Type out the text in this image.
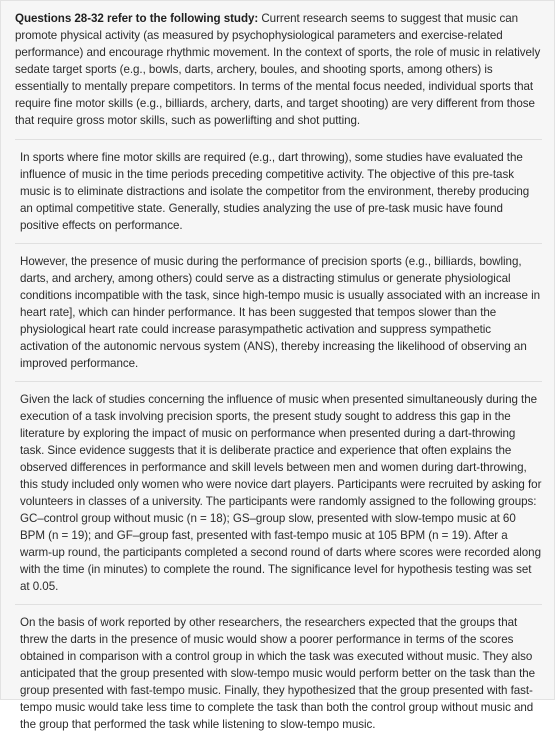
Questions 28-32 refer to the following study: Current research seems to suggest that music can promote physical activity (as measured by psychophysiological parameters and exercise-related performance) and encourage rhythmic movement. In the context of sports, the role of music in relatively sedate target sports (e.g., bowls, darts, archery, boules, and shooting sports, among others) is essentially to mentally prepare competitors. In terms of the mental focus needed, individual sports that require fine motor skills (e.g., billiards, archery, darts, and target shooting) are very different from those that require gross motor skills, such as powerlifting and shot putting.

In sports where fine motor skills are required (e.g., dart throwing), some studies have evaluated the influence of music in the time periods preceding competitive activity. The objective of this pre-task music is to eliminate distractions and isolate the competitor from the environment, thereby producing an optimal competitive state. Generally, studies analyzing the use of pre-task music have found positive effects on performance.

However, the presence of music during the performance of precision sports (e.g., billiards, bowling, darts, and archery, among others) could serve as a distracting stimulus or generate physiological conditions incompatible with the task, since high-tempo music is usually associated with an increase in heart rate], which can hinder performance. It has been suggested that tempos slower than the physiological heart rate could increase parasympathetic activation and suppress sympathetic activation of the autonomic nervous system (ANS), thereby increasing the likelihood of observing an improved performance.

Given the lack of studies concerning the influence of music when presented simultaneously during the execution of a task involving precision sports, the present study sought to address this gap in the literature by exploring the impact of music on performance when presented during a dart-throwing task. Since evidence suggests that it is deliberate practice and experience that often explains the observed differences in performance and skill levels between men and women during dart-throwing, this study included only women who were novice dart players. Participants were recruited by asking for volunteers in classes of a university. The participants were randomly assigned to the following groups: GC–control group without music (n = 18); GS–group slow, presented with slow-tempo music at 60 BPM (n = 19); and GF–group fast, presented with fast-tempo music at 105 BPM (n = 19). After a warm-up round, the participants completed a second round of darts where scores were recorded along with the time (in minutes) to complete the round. The significance level for hypothesis testing was set at 0.05.

On the basis of work reported by other researchers, the researchers expected that the groups that threw the darts in the presence of music would show a poorer performance in terms of the scores obtained in comparison with a control group in which the task was executed without music. They also anticipated that the group presented with slow-tempo music would perform better on the task than the group presented with fast-tempo music. Finally, they hypothesized that the group presented with fast-tempo music would take less time to complete the task than both the control group without music and the group that performed the task while listening to slow-tempo music.
